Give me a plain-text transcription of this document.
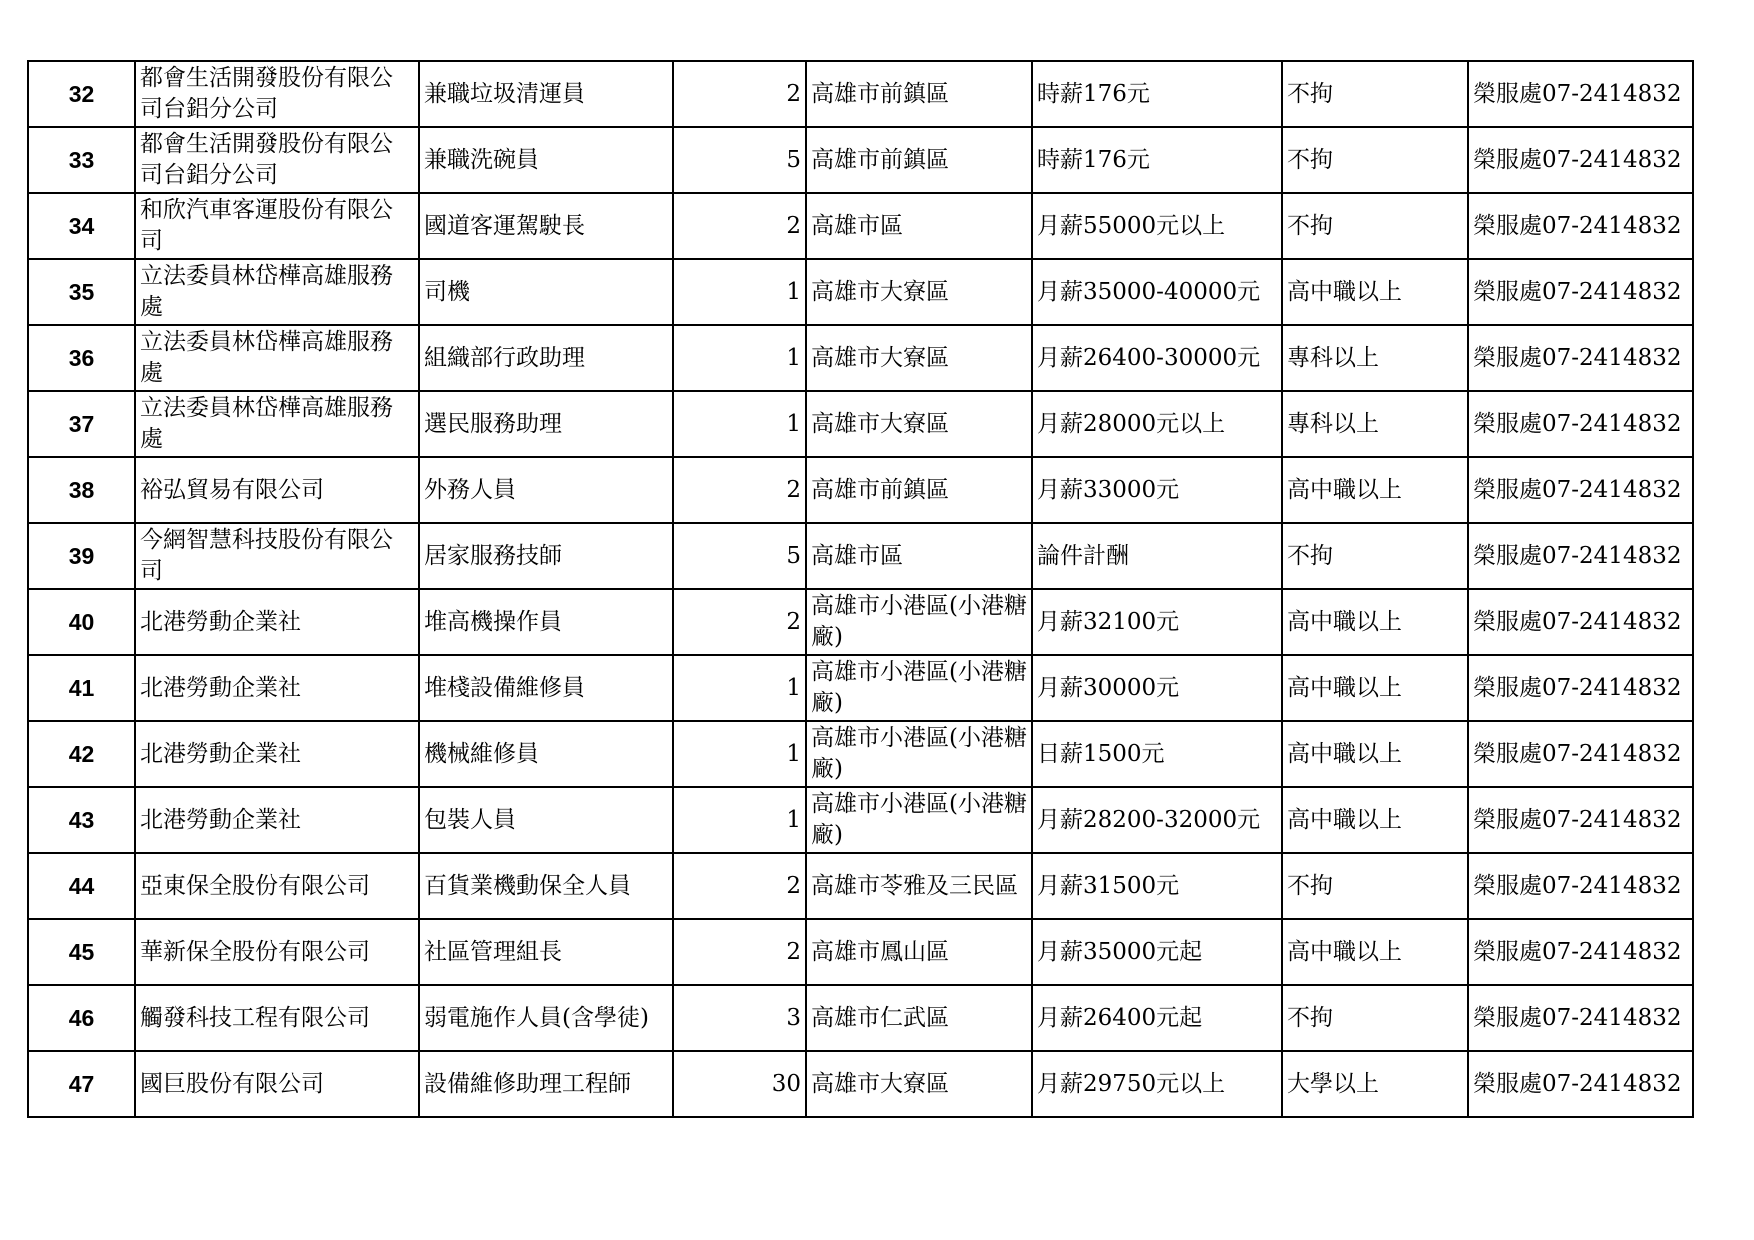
32	都會生活開發股份有限公司台鋁分公司	兼職垃圾清運員	2	高雄市前鎮區	時薪176元	不拘	榮服處07-2414832
33	都會生活開發股份有限公司台鋁分公司	兼職洗碗員	5	高雄市前鎮區	時薪176元	不拘	榮服處07-2414832
34	和欣汽車客運股份有限公司	國道客運駕駛長	2	高雄市區	月薪55000元以上	不拘	榮服處07-2414832
35	立法委員林岱樺高雄服務處	司機	1	高雄市大寮區	月薪35000-40000元	高中職以上	榮服處07-2414832
36	立法委員林岱樺高雄服務處	組織部行政助理	1	高雄市大寮區	月薪26400-30000元	專科以上	榮服處07-2414832
37	立法委員林岱樺高雄服務處	選民服務助理	1	高雄市大寮區	月薪28000元以上	專科以上	榮服處07-2414832
38	裕弘貿易有限公司	外務人員	2	高雄市前鎮區	月薪33000元	高中職以上	榮服處07-2414832
39	今網智慧科技股份有限公司	居家服務技師	5	高雄市區	論件計酬	不拘	榮服處07-2414832
40	北港勞動企業社	堆高機操作員	2	高雄市小港區(小港糖廠)	月薪32100元	高中職以上	榮服處07-2414832
41	北港勞動企業社	堆棧設備維修員	1	高雄市小港區(小港糖廠)	月薪30000元	高中職以上	榮服處07-2414832
42	北港勞動企業社	機械維修員	1	高雄市小港區(小港糖廠)	日薪1500元	高中職以上	榮服處07-2414832
43	北港勞動企業社	包裝人員	1	高雄市小港區(小港糖廠)	月薪28200-32000元	高中職以上	榮服處07-2414832
44	亞東保全股份有限公司	百貨業機動保全人員	2	高雄市苓雅及三民區	月薪31500元	不拘	榮服處07-2414832
45	華新保全股份有限公司	社區管理組長	2	高雄市鳳山區	月薪35000元起	高中職以上	榮服處07-2414832
46	觸發科技工程有限公司	弱電施作人員(含學徒)	3	高雄市仁武區	月薪26400元起	不拘	榮服處07-2414832
47	國巨股份有限公司	設備維修助理工程師	30	高雄市大寮區	月薪29750元以上	大學以上	榮服處07-2414832
